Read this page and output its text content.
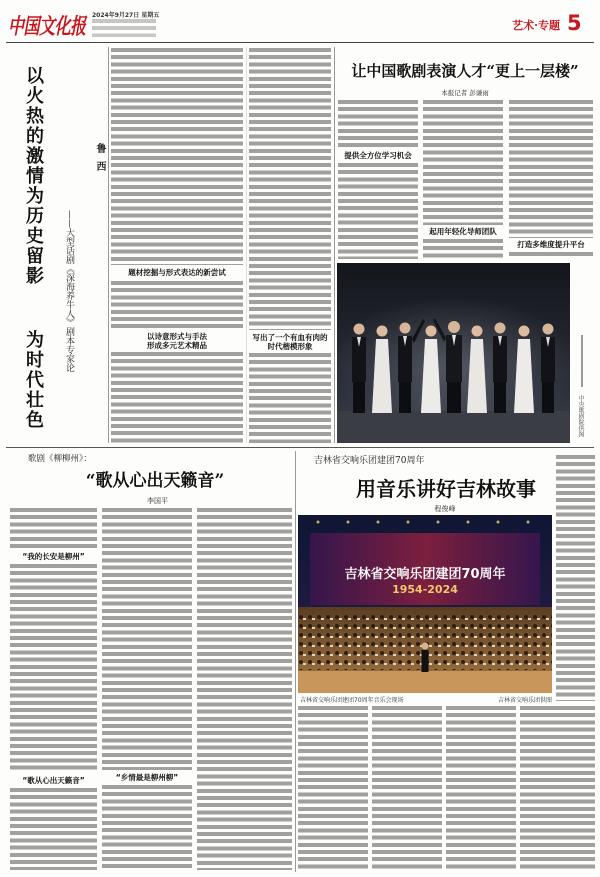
中国文化报 2024年9月27日 星期五
艺术·专题 5
以火热的激情为历史留影
为时代壮色
——大型话剧《深海养牛人》剧本专家论
鲁西
题材挖掘与形式表达的新尝试
以诗意形式与手法
形成多元艺术精品
写出了一个有血有肉的
时代楷模形象
让中国歌剧表演人才“更上一层楼”
本报记者 彭谦雨
提供全方位学习机会
起用年轻化导师团队
打造多维度提升平台
中央歌剧院供图
歌剧《柳柳州》：
“歌从心出天籁音”
李国平
“我的长安是柳州”
“歌从心出天籁音”	“乡情最是柳州柳”
吉林省交响乐团建团70周年
用音乐讲好吉林故事
程俊峰
吉林省交响乐团建团70周年
1954-2024
吉林省交响乐团建团70周年音乐会现场	吉林省交响乐团供图
